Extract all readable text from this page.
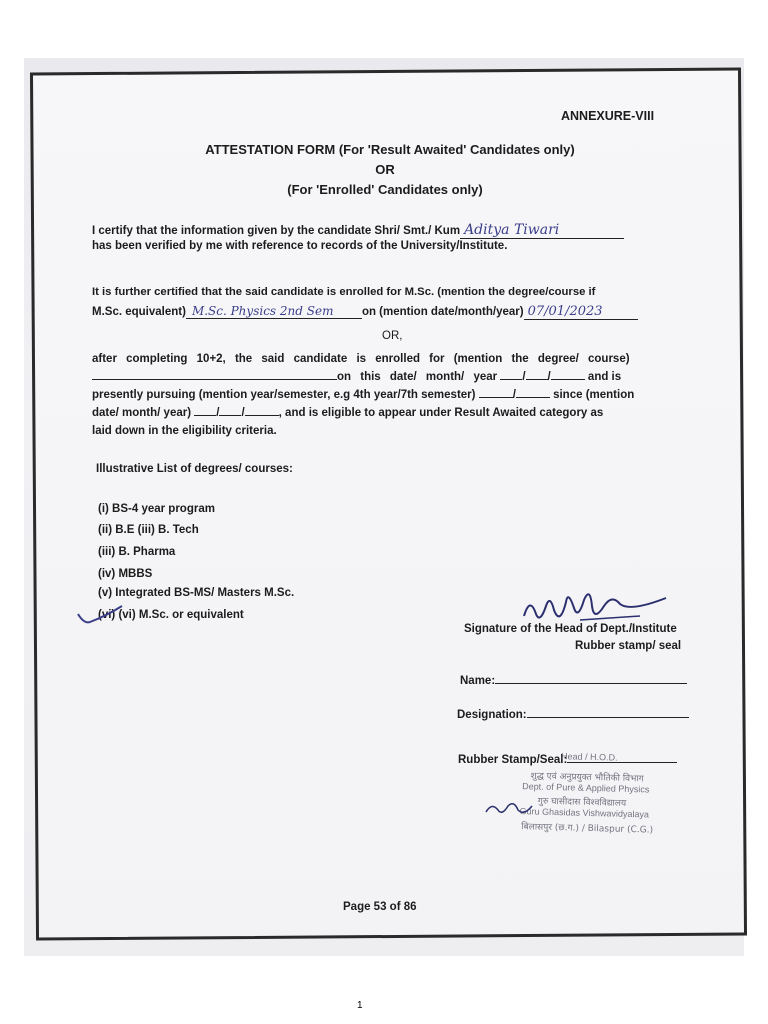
ANNEXURE-VIII
ATTESTATION FORM (For 'Result Awaited' Candidates only)
OR
(For 'Enrolled' Candidates only)
I certify that the information given by the candidate Shri/ Smt./ Kum Aditya Tiwari
has been verified by me with reference to records of the University/Institute.
It is further certified that the said candidate is enrolled for M.Sc. (mention the degree/course if
M.Sc. equivalent) M.Sc. Physics 2nd Sem on (mention date/month/year) 07/01/2023
OR,
after completing 10+2, the said candidate is enrolled for (mention the degree/ course)
on this date/ month/ year / /	and is
presently pursuing (mention year/semester, e.g 4th year/7th semester)	/	since (mention
date/ month/ year) / /	, and is eligible to appear under Result Awaited category as
laid down in the eligibility criteria.
Illustrative List of degrees/ courses:
(i) BS-4 year program
(ii) B.E (iii) B. Tech
(iii) B. Pharma
(iv) MBBS
(v) Integrated BS-MS/ Masters M.Sc.
(vi) (vi) M.Sc. or equivalent
Signature of the Head of Dept./Institute
Rubber stamp/ seal
Name:
Designation:
Rubber Stamp/Seal:
Head / H.O.D.
शुद्ध एवं अनुप्रयुक्त भौतिकी विभाग
Dept. of Pure & Applied Physics
गुरु घासीदास विश्वविद्यालय
Guru Ghasidas Vishwavidyalaya
बिलासपुर (छ.ग.) / Bilaspur (C.G.)
Page 53 of 86
1
